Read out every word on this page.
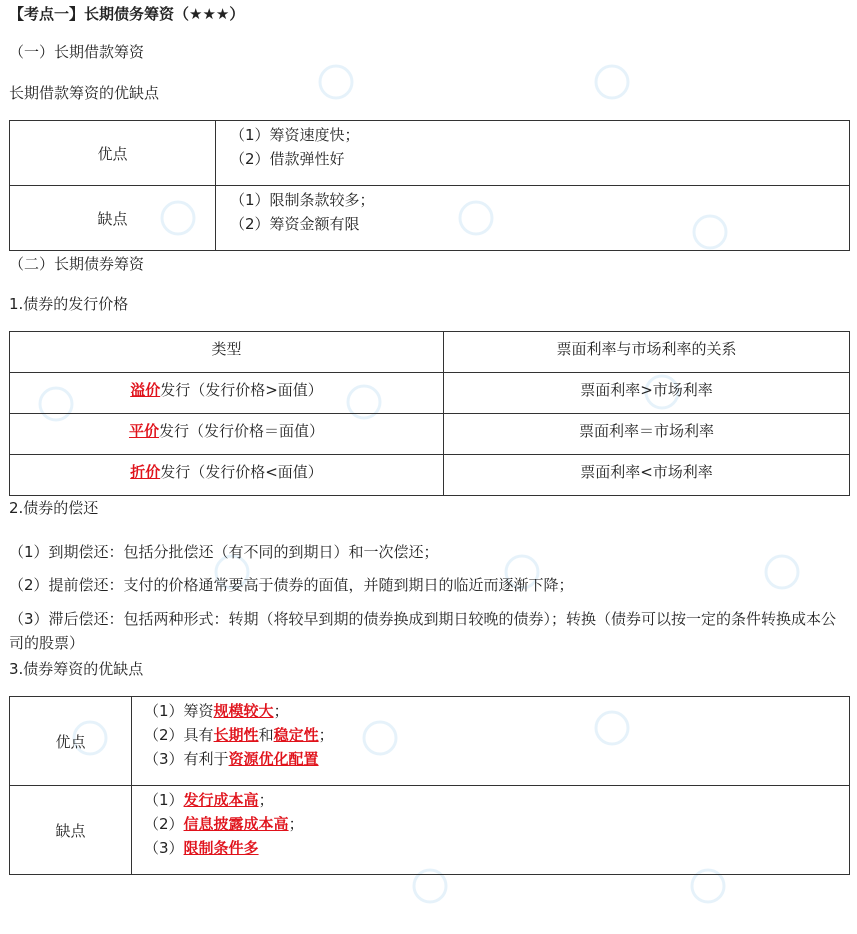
【考点一】长期债务筹资（★★★）
（一）长期借款筹资
长期借款筹资的优缺点
优点	（1）筹资速度快；
（2）借款弹性好

缺点	（1）限制条款较多；
（2）筹资金额有限
（二）长期债券筹资
1.债券的发行价格
类型	票面利率与市场利率的关系
溢价发行（发行价格>面值）	票面利率>市场利率
平价发行（发行价格＝面值）	票面利率＝市场利率
折价发行（发行价格<面值）	票面利率<市场利率
2.债券的偿还
（1）到期偿还：包括分批偿还（有不同的到期日）和一次偿还；
（2）提前偿还：支付的价格通常要高于债券的面值，并随到期日的临近而逐渐下降；
（3）滞后偿还：包括两种形式：转期（将较早到期的债券换成到期日较晚的债券）；转换（债券可以按一定的条件转换成本公司的股票）
3.债券筹资的优缺点
优点	（1）筹资规模较大；
（2）具有长期性和稳定性；
（3）有利于资源优化配置

缺点	（1）发行成本高；
（2）信息披露成本高；
（3）限制条件多
